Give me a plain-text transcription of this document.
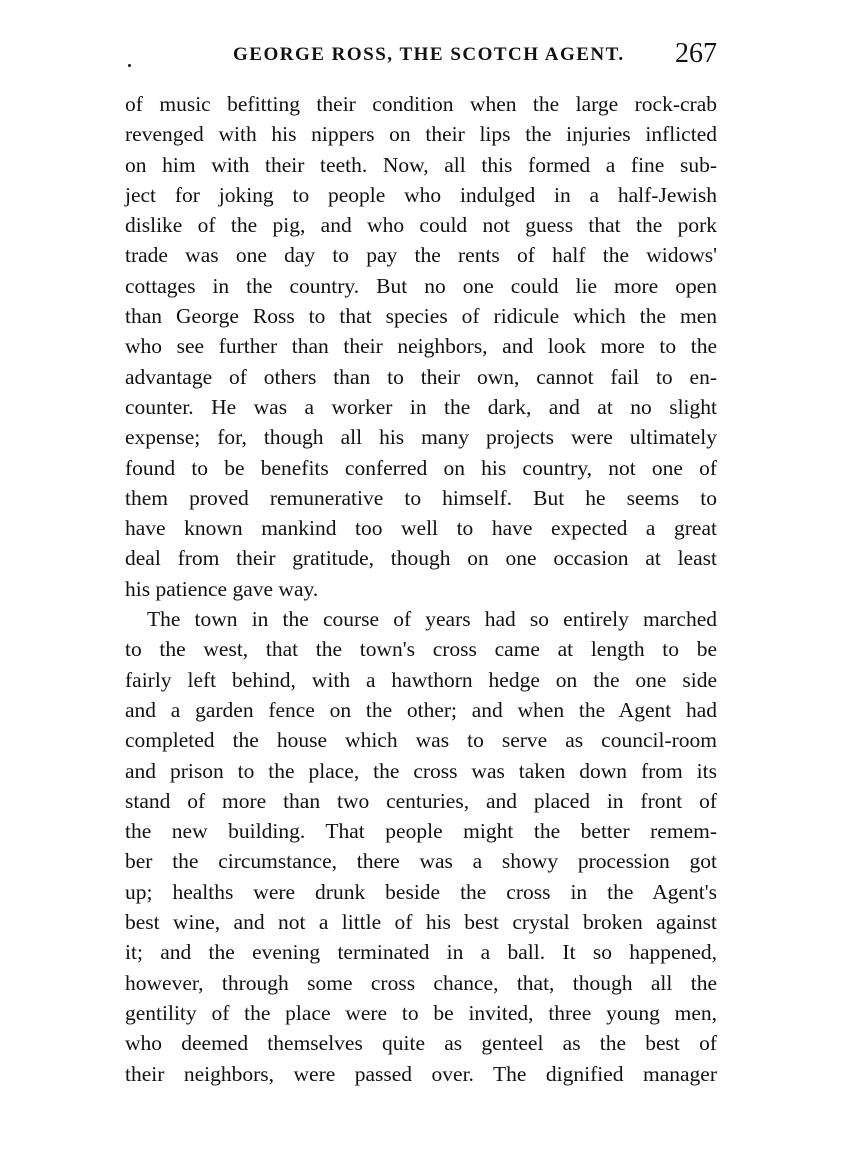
GEORGE ROSS, THE SCOTCH AGENT. 267
of music befitting their condition when the large rock-crab
revenged with his nippers on their lips the injuries inflicted
on him with their teeth. Now, all this formed a fine sub-
ject for joking to people who indulged in a half-Jewish
dislike of the pig, and who could not guess that the pork
trade was one day to pay the rents of half the widows'
cottages in the country. But no one could lie more open
than George Ross to that species of ridicule which the men
who see further than their neighbors, and look more to the
advantage of others than to their own, cannot fail to en-
counter. He was a worker in the dark, and at no slight
expense; for, though all his many projects were ultimately
found to be benefits conferred on his country, not one of
them proved remunerative to himself. But he seems to
have known mankind too well to have expected a great
deal from their gratitude, though on one occasion at least
his patience gave way.
The town in the course of years had so entirely marched
to the west, that the town's cross came at length to be
fairly left behind, with a hawthorn hedge on the one side
and a garden fence on the other; and when the Agent had
completed the house which was to serve as council-room
and prison to the place, the cross was taken down from its
stand of more than two centuries, and placed in front of
the new building. That people might the better remem-
ber the circumstance, there was a showy procession got
up; healths were drunk beside the cross in the Agent's
best wine, and not a little of his best crystal broken against
it; and the evening terminated in a ball. It so happened,
however, through some cross chance, that, though all the
gentility of the place were to be invited, three young men,
who deemed themselves quite as genteel as the best of
their neighbors, were passed over. The dignified manager
